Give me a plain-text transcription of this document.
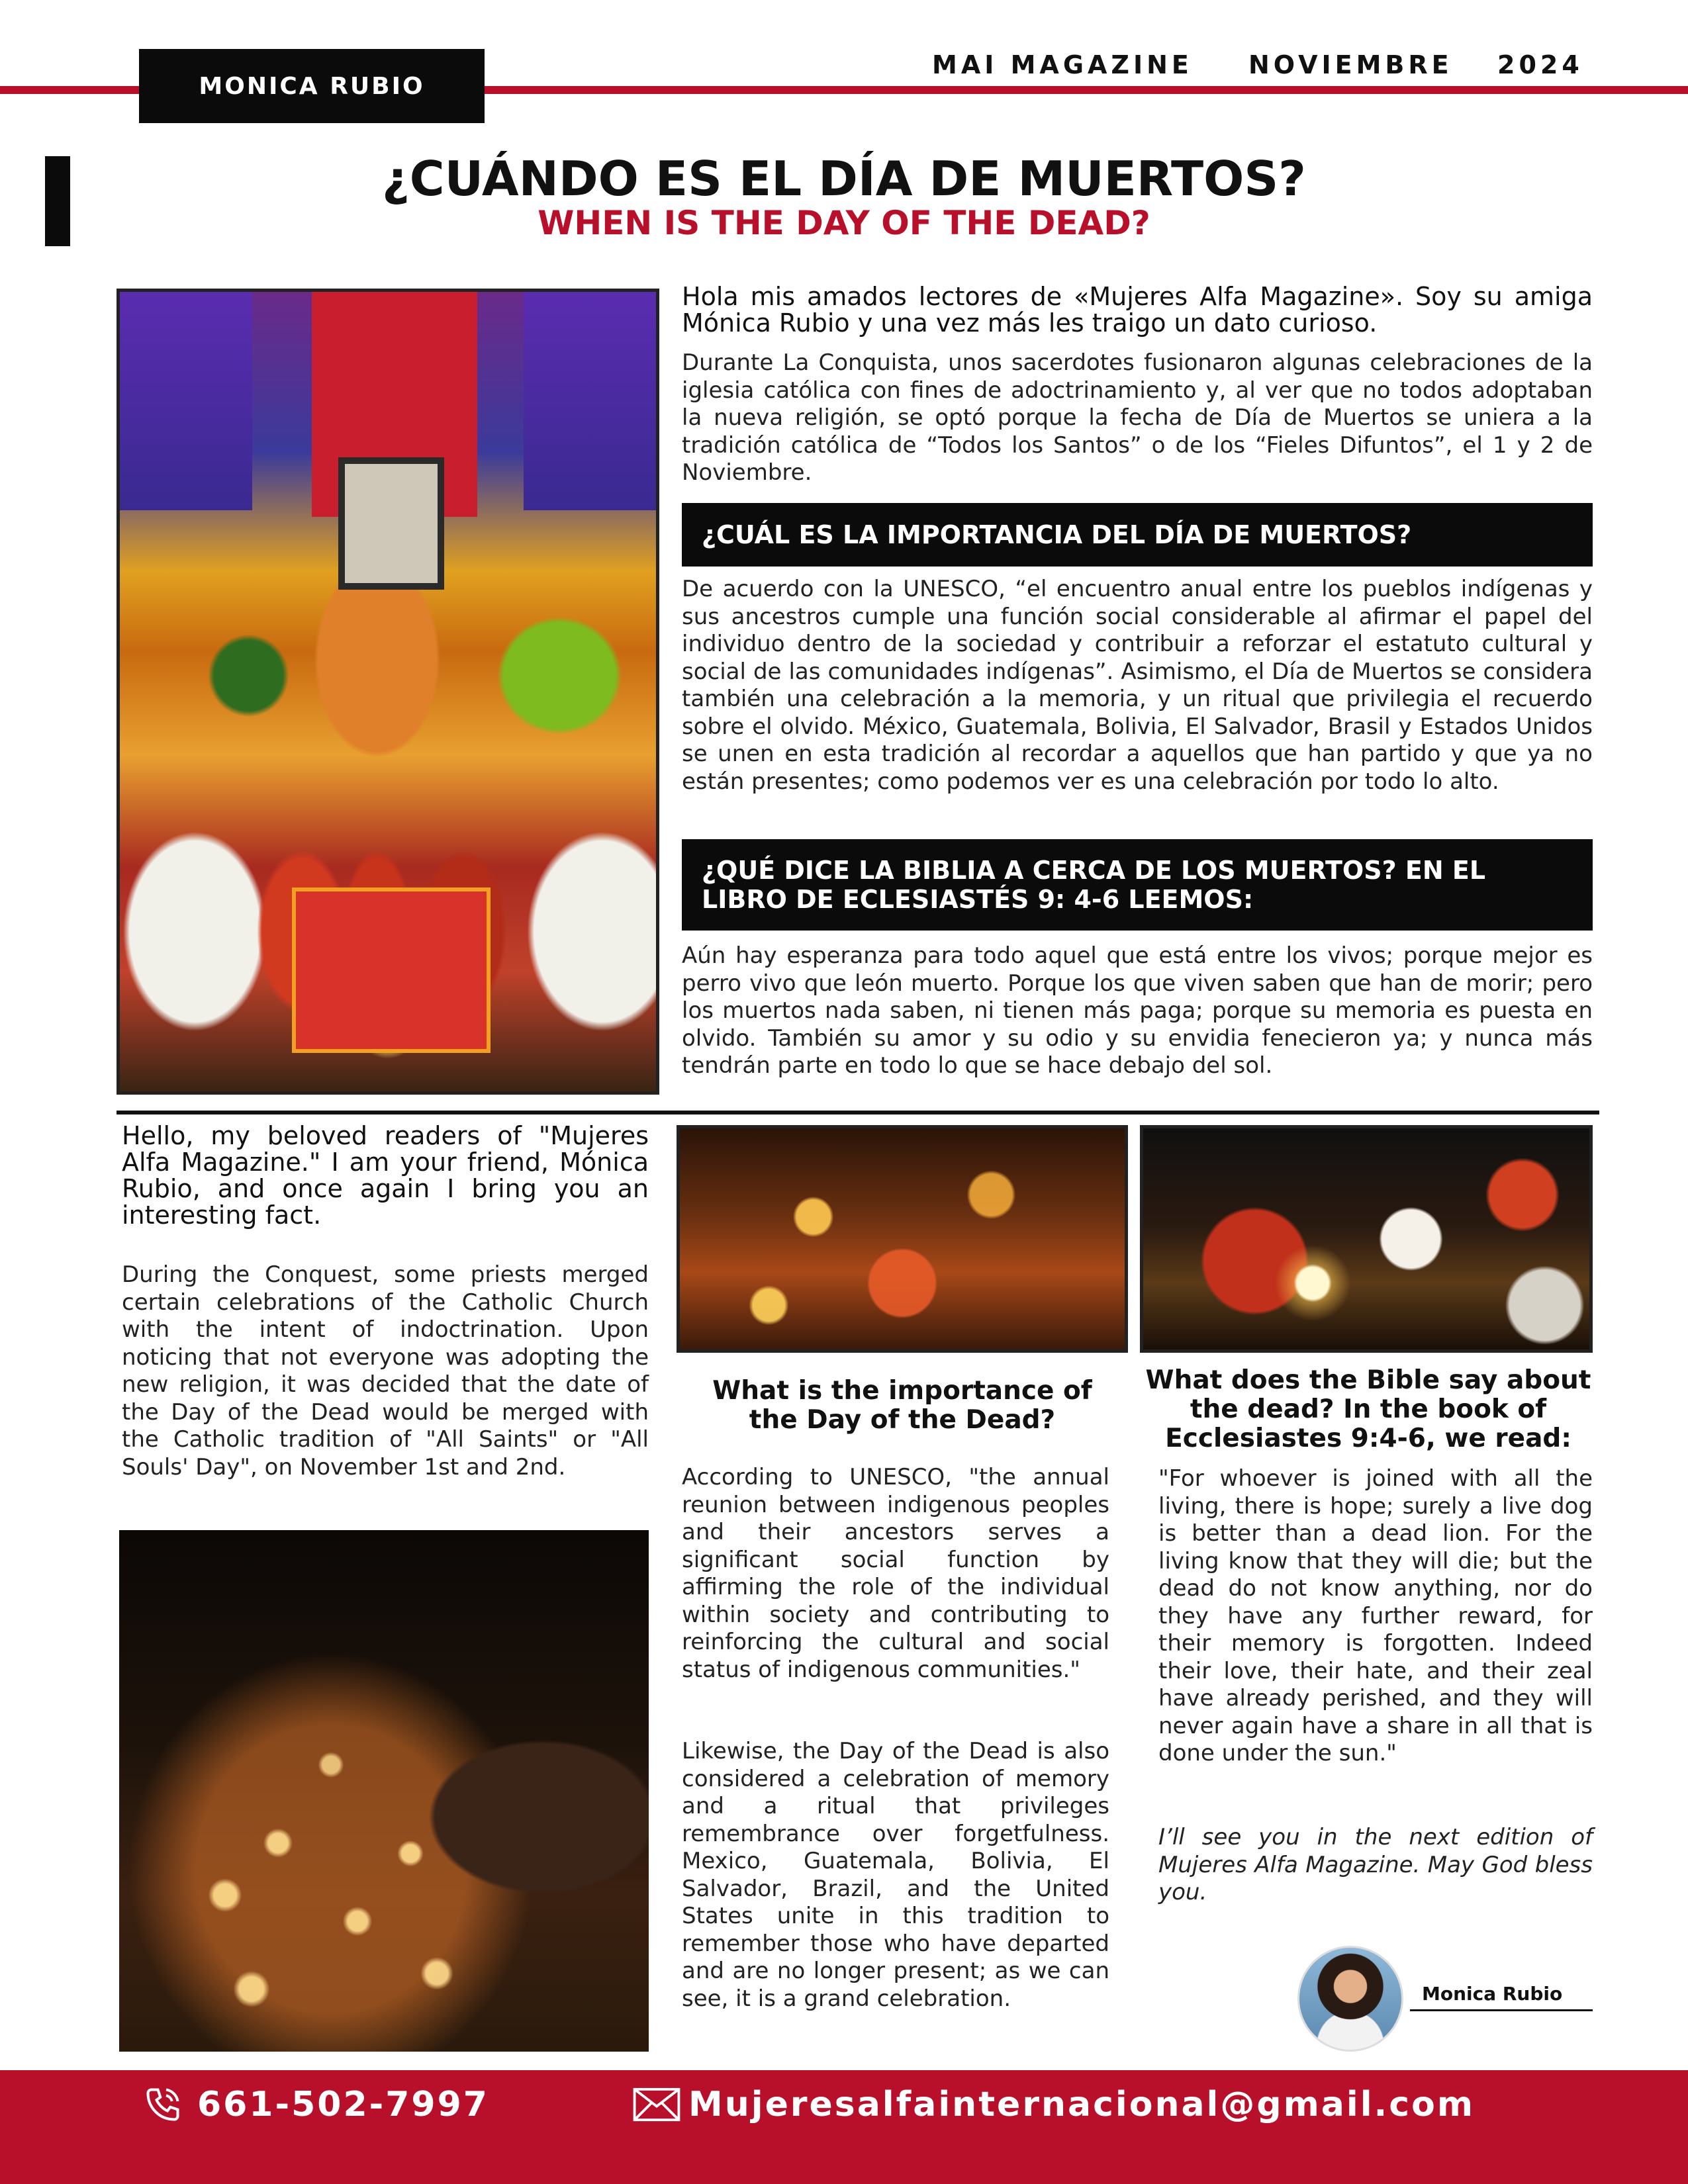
MONICA RUBIO
MAI MAGAZINE NOVIEMBRE 2024
¿CUÁNDO ES EL DÍA DE MUERTOS?
WHEN IS THE DAY OF THE DEAD?
Hola mis amados lectores de «Mujeres Alfa Magazine». Soy su amiga Mónica Rubio y una vez más les traigo un dato curioso.
Durante La Conquista, unos sacerdotes fusionaron algunas celebraciones de la iglesia católica con fines de adoctrinamiento y, al ver que no todos adoptaban la nueva religión, se optó porque la fecha de Día de Muertos se uniera a la tradición católica de “Todos los Santos” o de los “Fieles Difuntos”, el 1 y 2 de Noviembre.
¿CUÁL ES LA IMPORTANCIA DEL DÍA DE MUERTOS?
De acuerdo con la UNESCO, “el encuentro anual entre los pueblos indígenas y sus ancestros cumple una función social considerable al afirmar el papel del individuo dentro de la sociedad y contribuir a reforzar el estatuto cultural y social de las comunidades indígenas”. Asimismo, el Día de Muertos se considera también una celebración a la memoria, y un ritual que privilegia el recuerdo sobre el olvido. México, Guatemala, Bolivia, El Salvador, Brasil y Estados Unidos se unen en esta tradición al recordar a aquellos que han partido y que ya no están presentes; como podemos ver es una celebración por todo lo alto.
¿QUÉ DICE LA BIBLIA A CERCA DE LOS MUERTOS? EN EL LIBRO DE ECLESIASTÉS 9: 4-6 LEEMOS:
Aún hay esperanza para todo aquel que está entre los vivos; porque mejor es perro vivo que león muerto. Porque los que viven saben que han de morir; pero los muertos nada saben, ni tienen más paga; porque su memoria es puesta en olvido. También su amor y su odio y su envidia fenecieron ya; y nunca más tendrán parte en todo lo que se hace debajo del sol.
Hello, my beloved readers of "Mujeres Alfa Magazine." I am your friend, Mónica Rubio, and once again I bring you an interesting fact.
During the Conquest, some priests merged certain celebrations of the Catholic Church with the intent of indoctrination. Upon noticing that not everyone was adopting the new religion, it was decided that the date of the Day of the Dead would be merged with the Catholic tradition of "All Saints" or "All Souls' Day", on November 1st and 2nd.
What is the importance of the Day of the Dead?
According to UNESCO, "the annual reunion between indigenous peoples and their ancestors serves a significant social function by affirming the role of the individual within society and contributing to reinforcing the cultural and social status of indigenous communities."
Likewise, the Day of the Dead is also considered a celebration of memory and a ritual that privileges remembrance over forgetfulness. Mexico, Guatemala, Bolivia, El Salvador, Brazil, and the United States unite in this tradition to remember those who have departed and are no longer present; as we can see, it is a grand celebration.
What does the Bible say about the dead? In the book of Ecclesiastes 9:4-6, we read:
"For whoever is joined with all the living, there is hope; surely a live dog is better than a dead lion. For the living know that they will die; but the dead do not know anything, nor do they have any further reward, for their memory is forgotten. Indeed their love, their hate, and their zeal have already perished, and they will never again have a share in all that is done under the sun."
I’ll see you in the next edition of Mujeres Alfa Magazine. May God bless you.
Monica Rubio
661-502-7997	Mujeresalfainternacional@gmail.com
